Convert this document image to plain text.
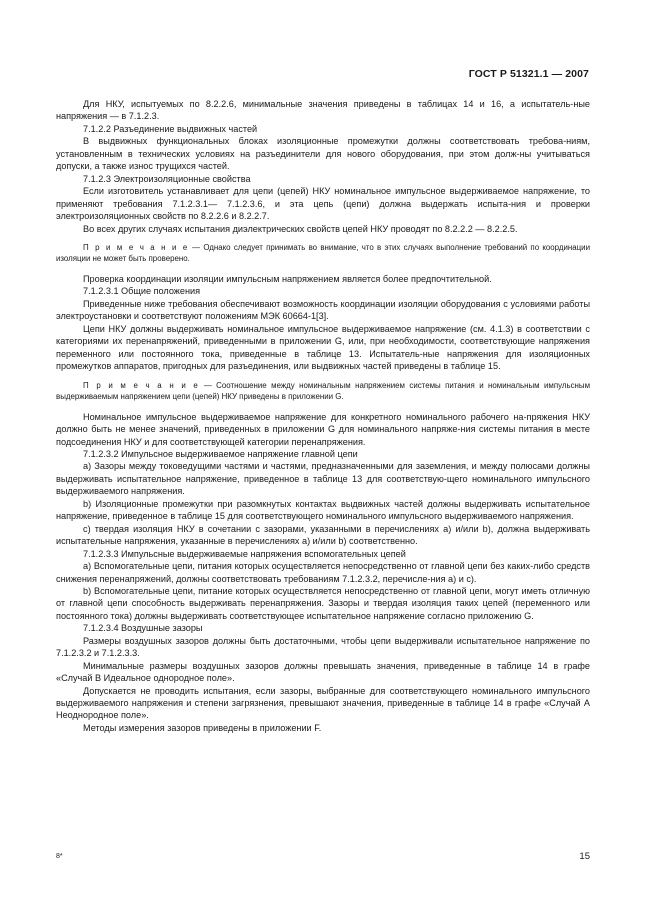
ГОСТ Р 51321.1 — 2007

Для НКУ, испытуемых по 8.2.2.6, минимальные значения приведены в таблицах 14 и 16, а испытатель-ные напряжения — в 7.1.2.3.

7.1.2.2 Разъединение выдвижных частей

В выдвижных функциональных блоках изоляционные промежутки должны соответствовать требова-ниям, установленным в технических условиях на разъединители для нового оборудования, при этом долж-ны учитываться допуски, а также износ трущихся частей.

7.1.2.3 Электроизоляционные свойства

Если изготовитель устанавливает для цепи (цепей) НКУ номинальное импульсное выдерживаемое напряжение, то применяют требования 7.1.2.3.1— 7.1.2.3.6, и эта цепь (цепи) должна выдержать испыта-ния и проверки электроизоляционных свойств по 8.2.2.6 и 8.2.2.7.

Во всех других случаях испытания диэлектрических свойств цепей НКУ проводят по 8.2.2.2 — 8.2.2.5.

П р и м е ч а н и е — Однако следует принимать во внимание, что в этих случаях выполнение требований по координации изоляции не может быть проверено.

Проверка координации изоляции импульсным напряжением является более предпочтительной.

7.1.2.3.1 Общие положения

Приведенные ниже требования обеспечивают возможность координации изоляции оборудования с условиями работы электроустановки и соответствуют положениям МЭК 60664-1[3].

Цепи НКУ должны выдерживать номинальное импульсное выдерживаемое напряжение (см. 4.1.3) в соответствии с категориями их перенапряжений, приведенными в приложении G, или, при необходимости, соответствующие напряжения переменного или постоянного тока, приведенные в таблице 13. Испытатель-ные напряжения для изоляционных промежутков аппаратов, пригодных для разъединения, или выдвижных частей приведены в таблице 15.

П р и м е ч а н и е — Соотношение между номинальным напряжением системы питания и номинальным импульсным выдерживаемым напряжением цепи (цепей) НКУ приведены в приложении G.

Номинальное импульсное выдерживаемое напряжение для конкретного номинального рабочего на-пряжения НКУ должно быть не менее значений, приведенных в приложении G для номинального напряже-ния системы питания в месте подсоединения НКУ и для соответствующей категории перенапряжения.

7.1.2.3.2 Импульсное выдерживаемое напряжение главной цепи

а) Зазоры между токоведущими частями и частями, предназначенными для заземления, и между полюсами должны выдерживать испытательное напряжение, приведенное в таблице 13 для соответствую-щего номинального импульсного выдерживаемого напряжения.

b) Изоляционные промежутки при разомкнутых контактах выдвижных частей должны выдерживать испытательное напряжение, приведенное в таблице 15 для соответствующего номинального импульсного выдерживаемого напряжения.

с) твердая изоляция НКУ в сочетании с зазорами, указанными в перечислениях а) и/или b), должна выдерживать испытательные напряжения, указанные в перечислениях а) и/или b) соответственно.

7.1.2.3.3 Импульсные выдерживаемые напряжения вспомогательных цепей

а) Вспомогательные цепи, питания которых осуществляется непосредственно от главной цепи без каких-либо средств снижения перенапряжений, должны соответствовать требованиям 7.1.2.3.2, перечисле-ния а) и с).

b) Вспомогательные цепи, питание которых осуществляется непосредственно от главной цепи, могут иметь отличную от главной цепи способность выдерживать перенапряжения. Зазоры и твердая изоляция таких цепей (переменного или постоянного тока) должны выдерживать соответствующее испытательное напряжение согласно приложению G.

7.1.2.3.4 Воздушные зазоры

Размеры воздушных зазоров должны быть достаточными, чтобы цепи выдерживали испытательное напряжение по 7.1.2.3.2 и 7.1.2.3.3.

Минимальные размеры воздушных зазоров должны превышать значения, приведенные в таблице 14 в графе «Случай В Идеальное однородное поле».

Допускается не проводить испытания, если зазоры, выбранные для соответствующего номинального импульсного выдерживаемого напряжения и степени загрязнения, превышают значения, приведенные в таблице 14 в графе «Случай А Неоднородное поле».

Методы измерения зазоров приведены в приложении F.

8*	15
